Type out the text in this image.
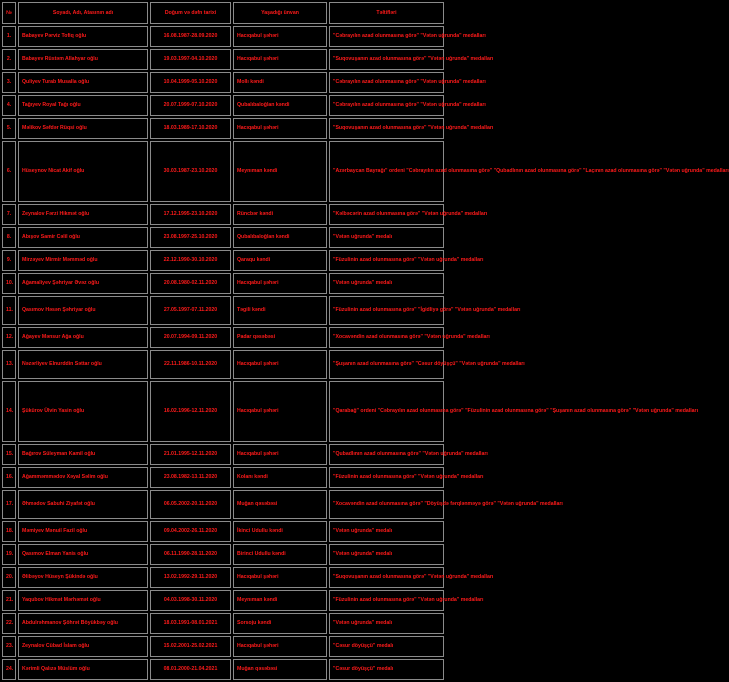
№	Soyadı, Adı, Atasının adı	Doğum və dəfn tarixi	Yaşadığı ünvan	Təltifləri
1.	Babayev Pərviz Tofiq oğlu	16.08.1987-28.09.2020	Hacıqabul şəhəri	"Cəbrayılın azad olunmasına görə" "Vətən uğrunda" medalları
2.	Babayev Rüstəm Allahyar oğlu	19.03.1997-04.10.2020	Hacıqabul şəhəri	"Suqovuşanın azad olunmasına görə" "Vətən uğrunda" medalları
3.	Quliyev Turab Musalla oğlu	10.04.1999-05.10.2020	Mollı kəndi	"Cəbrayılın azad olunmasına görə" "Vətən uğrunda" medalları
4.	Tağıyev Royal Tağı oğlu	20.07.1999-07.10.2020	Qubalıbaloğlan kəndi	"Cəbrayılın azad olunmasına görə" "Vətən uğrunda" medalları
5.	Məlikov Səfdər Rüqsi oğlu	18.03.1989-17.10.2020	Hacıqabul şəhəri	"Suqovuşanın azad olunmasına görə" "Vətən uğrunda" medalları
6.	Hüseynov Nicat Akif oğlu	30.03.1987-23.10.2020	Meynıman kəndi	"Azərbaycan Bayrağı" ordeni "Cəbrayılın azad olunmasına görə" "Qubadlının azad olunmasına görə" "Laçının azad olunmasına görə" "Vətən uğrunda" medalları
7.	Zeynalov Fərzi Hikmət oğlu	17.12.1995-23.10.2020	Rüncbər kəndi	"Kəlbəcərin azad olunmasına görə" "Vətən uğrunda" medalları
8.	Abışov Samir Cəlil oğlu	23.08.1997-25.10.2020	Qubalıbaloğlan kəndi	"Vətən uğrunda" medalı
9.	Mirzəyev Mirmir Məmməd oğlu	22.12.1990-30.10.2020	Qaraqu kəndi	"Füzulinin azad olunmasına görə" "Vətən uğrunda" medalları
10.	Ağamaliyev Şəhriyar Əvəz oğlu	20.08.1980-02.11.2020	Hacıqabul şəhəri	"Vətən uğrunda" medalı
11.	Qasımov Həsən Şəhriyar oğlu	27.05.1997-07.11.2020	Təgili kəndi	"Füzulinin azad olunmasına görə" "İgidliyə görə" "Vətən uğrunda" medalları
12.	Ağayev Mənsur Ağa oğlu	20.07.1994-09.11.2020	Padar qəsəbəsi	"Xocavəndin azad olunmasına görə" "Vətən uğrunda" medalları
13.	Nəzərliyev Elnurddin Səttar oğlu	22.11.1986-10.11.2020	Hacıqabul şəhəri	"Şuşanın azad olunmasına görə" "Cəsur döyüşçü" "Vətən uğrunda" medalları
14.	Şükürov Ülvin Yasin oğlu	16.02.1996-12.11.2020	Hacıqabul şəhəri	"Qarabağ" ordeni "Cəbrayılın azad olunmasına görə" "Füzulinin azad olunmasına görə" "Şuşanın azad olunmasına görə" "Vətən uğrunda" medalları
15.	Bağırov Süleyman Kamil oğlu	21.01.1995-12.11.2020	Hacıqabul şəhəri	"Qubadlının azad olunmasına görə" "Vətən uğrunda" medalları
16.	Ağamməmmədov Xəyal Səlim oğlu	23.08.1982-13.11.2020	Kolanı kəndi	"Füzulinin azad olunmasına görə" "Vətən uğrunda" medalları
17.	Əhmədov Sabuhi Ziyafət oğlu	06.05.2002-20.11.2020	Muğan qəsəbəsi	"Xocavəndin azad olunmasına görə" "Döyüşdə fərqlənməyə görə" "Vətən uğrunda" medalları
18.	Məmiyev Mənuil Fazil oğlu	09.04.2002-26.11.2020	İkinci Udullu kəndi	"Vətən uğrunda" medalı
19.	Qasımov Elman Yanis oğlu	06.11.1990-28.11.2020	Birinci Udullu kəndi	"Vətən uğrunda" medalı
20.	Əlibəyov Hüseyn Şükində oğlu	13.02.1992-29.11.2020	Hacıqabul şəhəri	"Suqovuşanın azad olunmasına görə" "Vətən uğrunda" medalları
21.	Yaqubov Hikmət Mərhəmət oğlu	04.03.1998-30.11.2020	Meynıman kəndi	"Füzulinin azad olunmasına görə" "Vətən uğrunda" medalları
22.	Abdulrəhmanov Şöhrət Böyükbəy oğlu	18.03.1991-08.01.2021	Sorsoju kəndi	"Vətən uğrunda" medalı
23.	Zeynalov Cübad İslam oğlu	15.02.2001-25.02.2021	Hacıqabul şəhəri	"Cəsur döyüşçü" medalı
24.	Kərimli Qalızə Müslüm oğlu	08.01.2000-21.04.2021	Muğan qəsəbəsi	"Cəsur döyüşçü" medalı
